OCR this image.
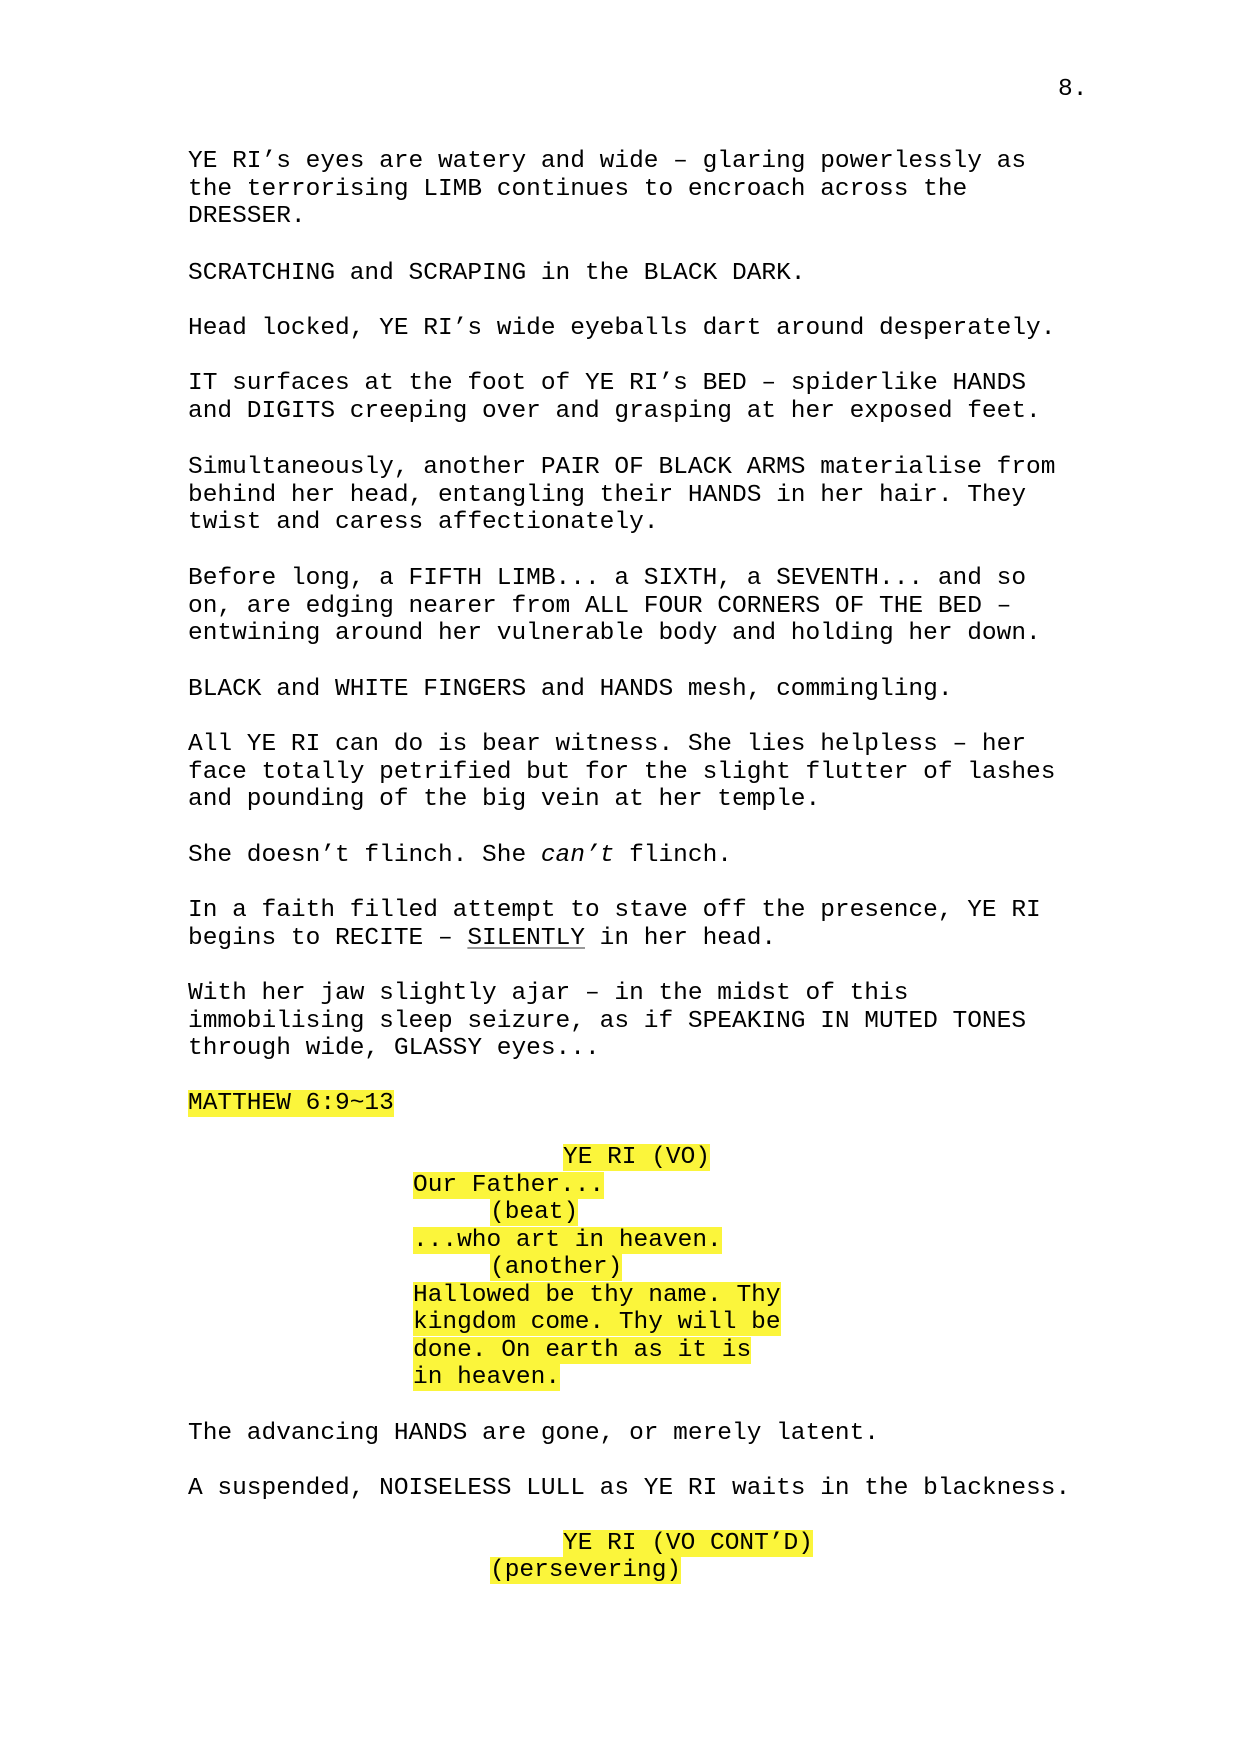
8.

YE RI’s eyes are watery and wide – glaring powerlessly as
the terrorising LIMB continues to encroach across the
DRESSER.

SCRATCHING and SCRAPING in the BLACK DARK.

Head locked, YE RI’s wide eyeballs dart around desperately.

IT surfaces at the foot of YE RI’s BED – spiderlike HANDS
and DIGITS creeping over and grasping at her exposed feet.

Simultaneously, another PAIR OF BLACK ARMS materialise from
behind her head, entangling their HANDS in her hair. They
twist and caress affectionately.

Before long, a FIFTH LIMB... a SIXTH, a SEVENTH... and so
on, are edging nearer from ALL FOUR CORNERS OF THE BED –
entwining around her vulnerable body and holding her down.

BLACK and WHITE FINGERS and HANDS mesh, commingling.

All YE RI can do is bear witness. She lies helpless – her
face totally petrified but for the slight flutter of lashes
and pounding of the big vein at her temple.

She doesn’t flinch. She can’t flinch.

In a faith filled attempt to stave off the presence, YE RI
begins to RECITE – SILENTLY in her head.

With her jaw slightly ajar – in the midst of this
immobilising sleep seizure, as if SPEAKING IN MUTED TONES
through wide, GLASSY eyes...

MATTHEW 6:9~13

YE RI (VO)
Our Father...
(beat)
...who art in heaven.
(another)
Hallowed be thy name. Thy
kingdom come. Thy will be
done. On earth as it is
in heaven.

The advancing HANDS are gone, or merely latent.

A suspended, NOISELESS LULL as YE RI waits in the blackness.

YE RI (VO CONT’D)
(persevering)
